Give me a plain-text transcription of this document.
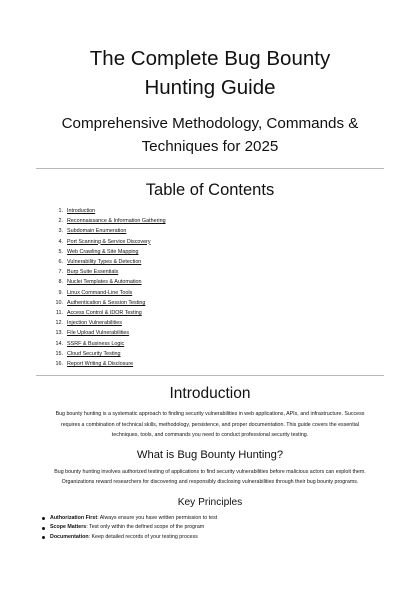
The Complete Bug Bounty
Hunting Guide

Comprehensive Methodology, Commands &
Techniques for 2025

Table of Contents
1. Introduction
2. Reconnaissance & Information Gathering
3. Subdomain Enumeration
4. Port Scanning & Service Discovery
5. Web Crawling & Site Mapping
6. Vulnerability Types & Detection
7. Burp Suite Essentials
8. Nuclei Templates & Automation
9. Linux Command-Line Tools
10. Authentication & Session Testing
11. Access Control & IDOR Testing
12. Injection Vulnerabilities
13. File Upload Vulnerabilities
14. SSRF & Business Logic
15. Cloud Security Testing
16. Report Writing & Disclosure
Introduction

Bug bounty hunting is a systematic approach to finding security vulnerabilities in web applications, APIs, and infrastructure. Success
requires a combination of technical skills, methodology, persistence, and proper documentation. This guide covers the essential
techniques, tools, and commands you need to conduct professional security testing.

What is Bug Bounty Hunting?

Bug bounty hunting involves authorized testing of applications to find security vulnerabilities before malicious actors can exploit them.
Organizations reward researchers for discovering and responsibly disclosing vulnerabilities through their bug bounty programs.

Key Principles
Authorization First: Always ensure you have written permission to test
Scope Matters: Test only within the defined scope of the program
Documentation: Keep detailed records of your testing process
